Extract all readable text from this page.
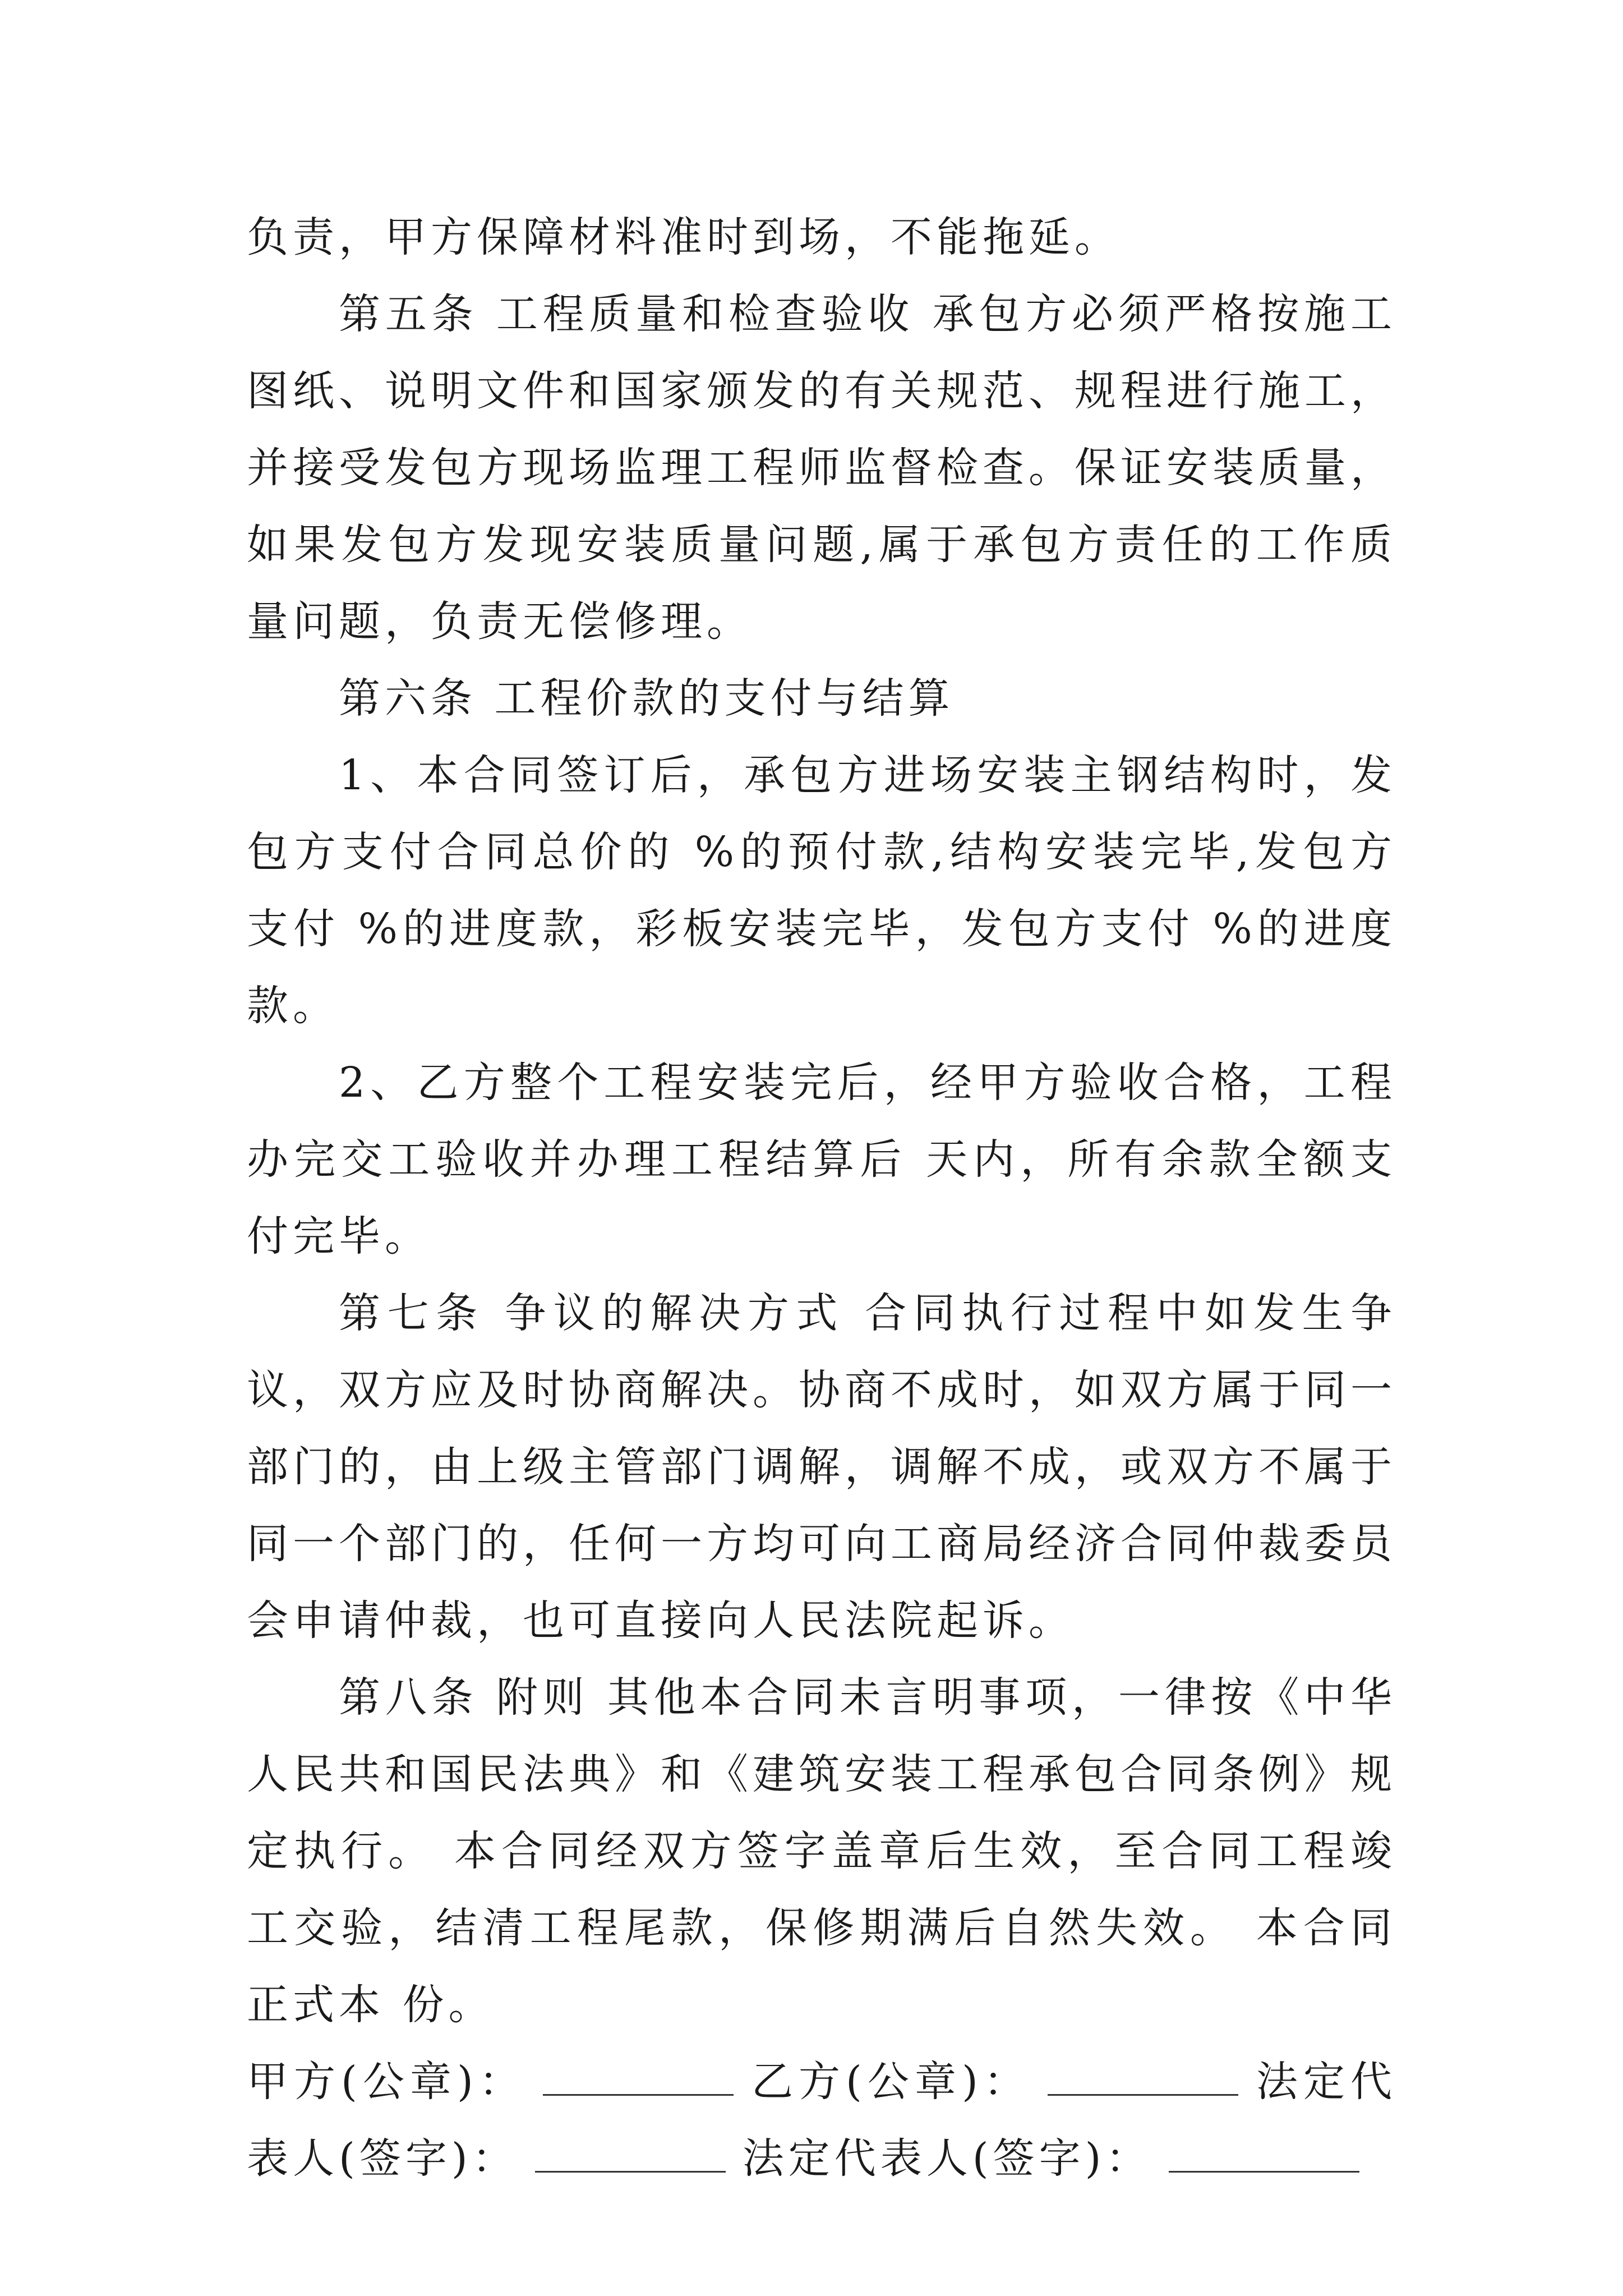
负责，甲方保障材料准时到场，不能拖延。

第五条 工程质量和检查验收 承包方必须严格按施工图纸、说明文件和国家颁发的有关规范、规程进行施工，并接受发包方现场监理工程师监督检查。保证安装质量，如果发包方发现安装质量问题,属于承包方责任的工作质量问题，负责无偿修理。

第六条 工程价款的支付与结算

1、本合同签订后，承包方进场安装主钢结构时，发包方支付合同总价的 %的预付款,结构安装完毕,发包方支付 %的进度款，彩板安装完毕，发包方支付 %的进度款。

2、乙方整个工程安装完后，经甲方验收合格，工程办完交工验收并办理工程结算后 天内，所有余款全额支付完毕。

第七条 争议的解决方式 合同执行过程中如发生争议，双方应及时协商解决。协商不成时，如双方属于同一部门的，由上级主管部门调解，调解不成，或双方不属于同一个部门的，任何一方均可向工商局经济合同仲裁委员会申请仲裁，也可直接向人民法院起诉。

第八条 附则 其他本合同未言明事项，一律按《中华人民共和国民法典》和《建筑安装工程承包合同条例》规定执行。 本合同经双方签字盖章后生效，至合同工程竣工交验，结清工程尾款，保修期满后自然失效。 本合同正式本 份。

甲方(公章)：	乙方(公章)：	法定代表人(签字)：	法定代表人(签字)：
